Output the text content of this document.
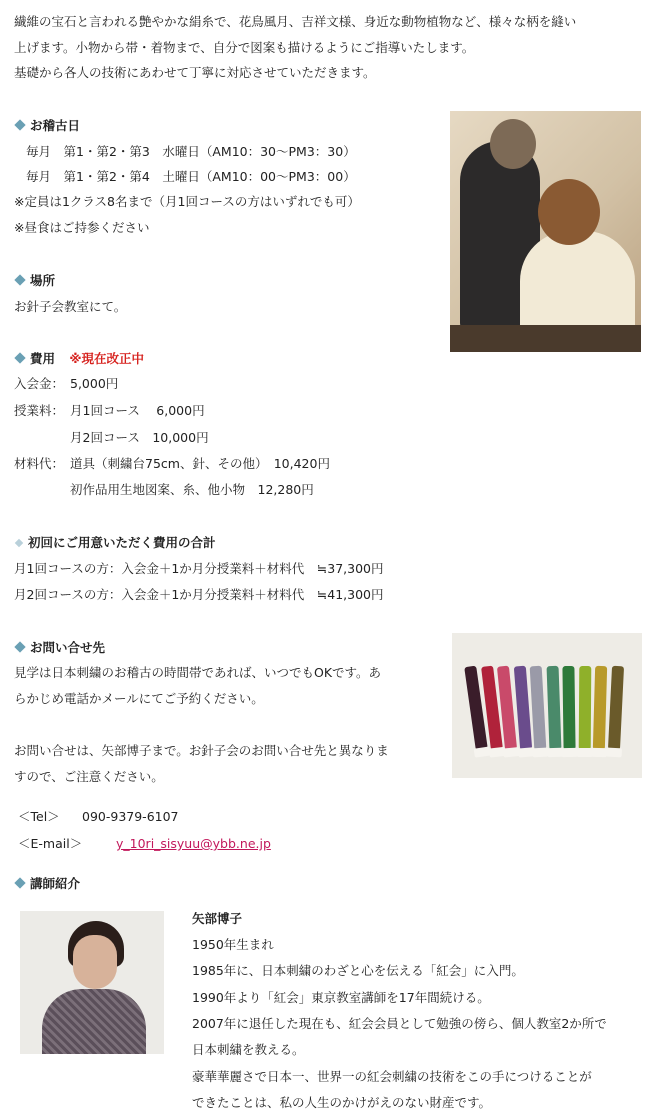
繊維の宝石と言われる艶やかな絹糸で、花鳥風月、吉祥文様、身近な動物植物など、様々な柄を縫い
上げます。小物から帯・着物まで、自分で図案も描けるようにご指導いたします。
基礎から各人の技術にあわせて丁寧に対応させていただきます。
お稽古日
毎月　第1・第2・第3　水曜日（AM10：30〜PM3：30）
毎月　第1・第2・第4　土曜日（AM10：00〜PM3：00）
※定員は1クラス8名まで（月1回コースの方はいずれでも可）
※昼食はご持参ください
場所
お針子会教室にて。
費用 ※現在改正中
入会金： 5,000円
授業料： 月1回コース　 6,000円
月2回コース　10,000円
材料代： 道具（刺繍台75cm、針、その他）　10,420円
初作品用生地図案、糸、他小物　12,280円
初回にご用意いただく費用の合計
月1回コースの方：入会金＋1か月分授業料＋材料代　≒37,300円
月2回コースの方：入会金＋1か月分授業料＋材料代　≒41,300円
お問い合せ先
見学は日本刺繍のお稽古の時間帯であれば、いつでもOKです。あ
らかじめ電話かメールにてご予約ください。
お問い合せは、矢部博子まで。お針子会のお問い合せ先と異なりま
すので、ご注意ください。
＜Tel＞ 090-9379-6107
＜E-mail＞	y_10ri_sisyuu@ybb.ne.jp
講師紹介
矢部博子
1950年生まれ
1985年に、日本刺繍のわざと心を伝える「紅会」に入門。
1990年より「紅会」東京教室講師を17年間続ける。
2007年に退任した現在も、紅会会員として勉強の傍ら、個人教室2か所で
日本刺繍を教える。
豪華華麗さで日本一、世界一の紅会刺繍の技術をこの手につけることが
できたことは、私の人生のかけがえのない財産です。
